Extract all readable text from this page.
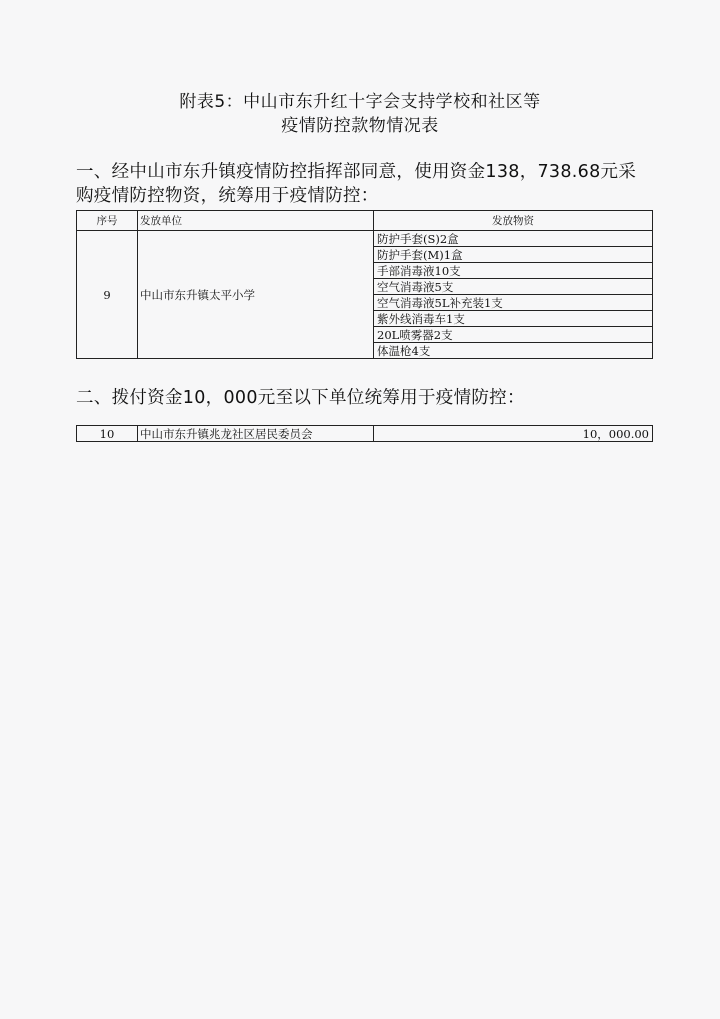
附表5：中山市东升红十字会支持学校和社区等
疫情防控款物情况表
一、经中山市东升镇疫情防控指挥部同意，使用资金138，738.68元采
购疫情防控物资，统筹用于疫情防控：
序号	发放单位	发放物资
9	中山市东升镇太平小学	防护手套(S)2盒
		防护手套(M)1盒
		手部消毒液10支
		空气消毒液5支
		空气消毒液5L补充装1支
		紫外线消毒车1支
		20L喷雾器2支
		体温枪4支
二、拨付资金10，000元至以下单位统筹用于疫情防控：
10	中山市东升镇兆龙社区居民委员会	10，000.00
